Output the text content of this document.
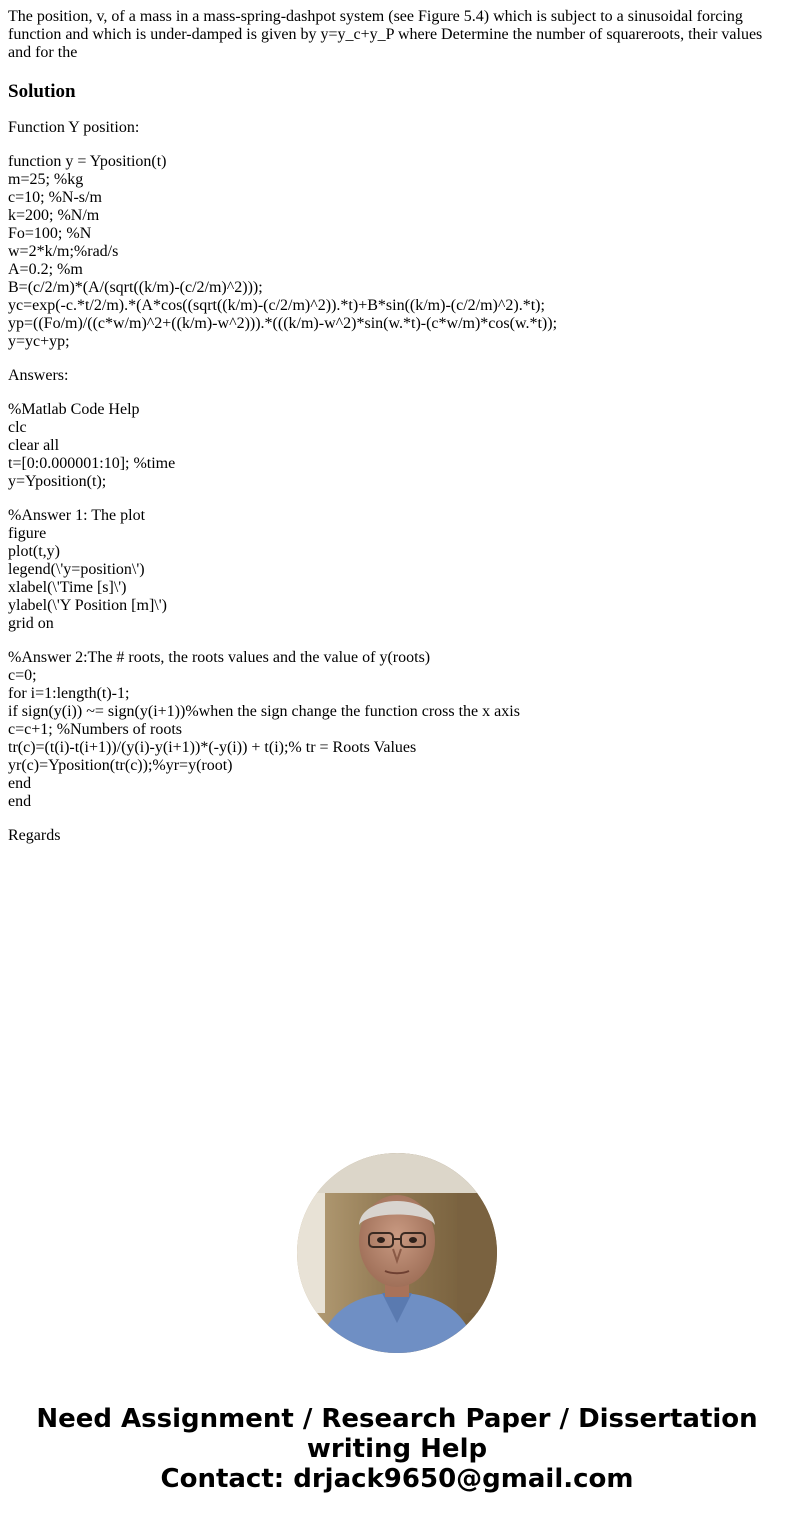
The position, v, of a mass in a mass-spring-dashpot system (see Figure 5.4) which is subject to a sinusoidal forcing function and which is under-damped is given by y=y_c+y_P where Determine the number of squareroots, their values and for the

Solution

Function Y position:

function y = Yposition(t)
m=25; %kg
c=10; %N-s/m
k=200; %N/m
Fo=100; %N
w=2*k/m;%rad/s
A=0.2; %m
B=(c/2/m)*(A/(sqrt((k/m)-(c/2/m)^2)));
yc=exp(-c.*t/2/m).*(A*cos((sqrt((k/m)-(c/2/m)^2)).*t)+B*sin((k/m)-(c/2/m)^2).*t);
yp=((Fo/m)/((c*w/m)^2+((k/m)-w^2))).*(((k/m)-w^2)*sin(w.*t)-(c*w/m)*cos(w.*t));
y=yc+yp;

Answers:

%Matlab Code Help
clc
clear all
t=[0:0.000001:10]; %time
y=Yposition(t);
%Answer 1: The plot
figure
plot(t,y)
legend(\'y=position\')
xlabel(\'Time [s]\')
ylabel(\'Y Position [m]\')
grid on
%Answer 2:The # roots, the roots values and the value of y(roots)
c=0;
for i=1:length(t)-1;
if sign(y(i)) ~= sign(y(i+1))%when the sign change the function cross the x axis
c=c+1; %Numbers of roots
tr(c)=(t(i)-t(i+1))/(y(i)-y(i+1))*(-y(i)) + t(i);% tr = Roots Values
yr(c)=Yposition(tr(c));%yr=y(root)
end
end

Regards

Need Assignment / Research Paper / Dissertation
writing Help
Contact: drjack9650@gmail.com
